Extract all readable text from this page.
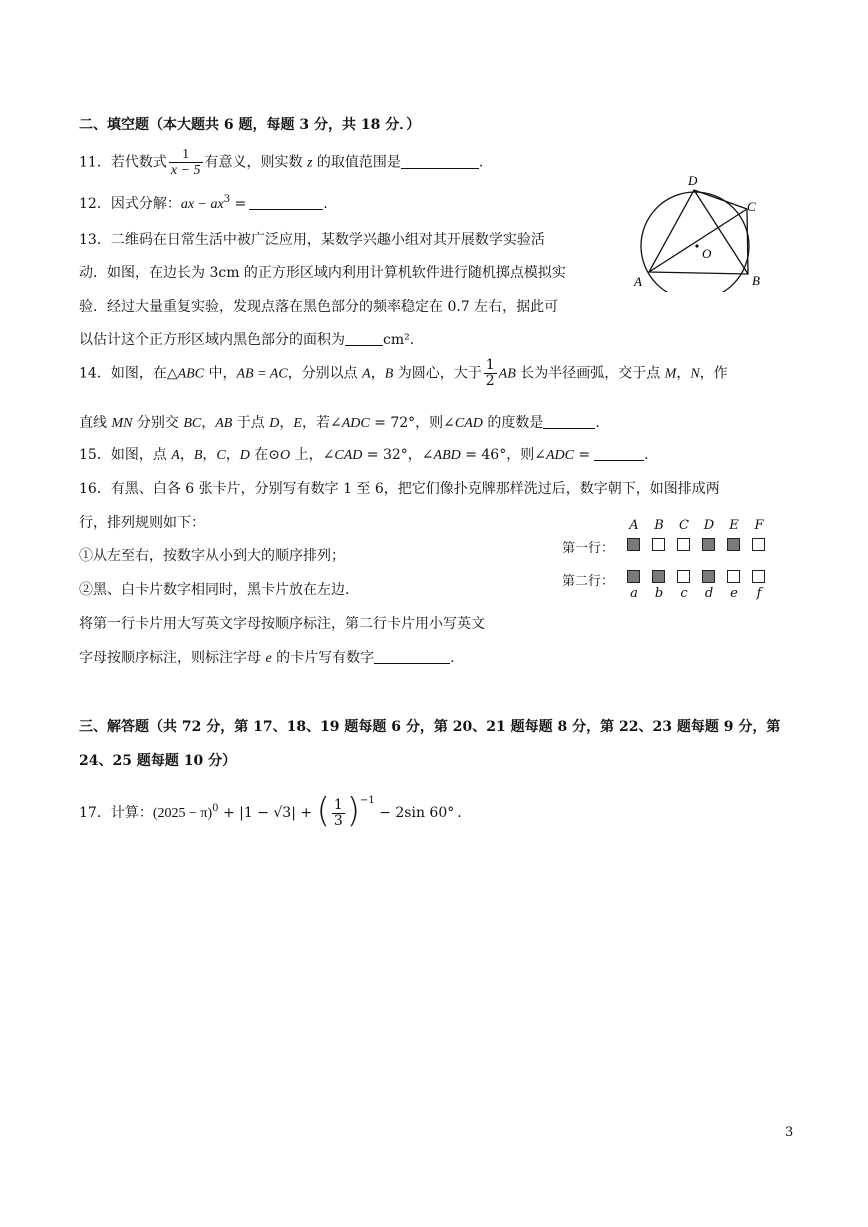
二、填空题（本大题共 6 题，每题 3 分，共 18 分．）
11．若代数式 $\frac{1}{x - 5}$ 有意义，则实数 z 的取值范围是	.
12．因式分解：ax − $ax^3$ =	.
13．二维码在日常生活中被广泛应用，某数学兴趣小组对其开展数学实验活
动．如图，在边长为 3cm 的正方形区域内利用计算机软件进行随机掷点模拟实
验．经过大量重复实验，发现点落在黑色部分的频率稳定在 0.7 左右，据此可
以估计这个正方形区域内黑色部分的面积为	cm².
D
C
O
A	B
14．如图，在△ABC 中，AB = AC，分别以点 A，B 为圆心，大于 $\frac{1}{2}$ AB 长为半径画弧，交于点 M，N，作
直线 MN 分别交 BC，AB 于点 D，E，若∠ADC = 72°，则∠CAD 的度数是	.
15．如图，点 A，B，C，D 在⊙O 上，∠CAD = 32°，∠ABD = 46°，则∠ADC =	.
16．有黑、白各 6 张卡片，分别写有数字 1 至 6，把它们像扑克牌那样洗过后，数字朝下，如图排成两
行，排列规则如下：
①从左至右，按数字从小到大的顺序排列；
②黑、白卡片数字相同时，黑卡片放在左边．
将第一行卡片用大写英文字母按顺序标注，第二行卡片用小写英文
字母按顺序标注，则标注字母 e 的卡片写有数字	.
A B C D E F
第一行：
第二行：
a b c d e	f
三、解答题（共 72 分，第 17、18、19 题每题 6 分，第 20、21 题每题 8 分，第 22、23 题每题 9 分，第
24、25 题每题 10 分）
17．计算：$(2025 - \pi)^0 + |1 - √3|$ + ( $\frac{1}{3} )^{-1} - 2\sin$ 60° .
3
